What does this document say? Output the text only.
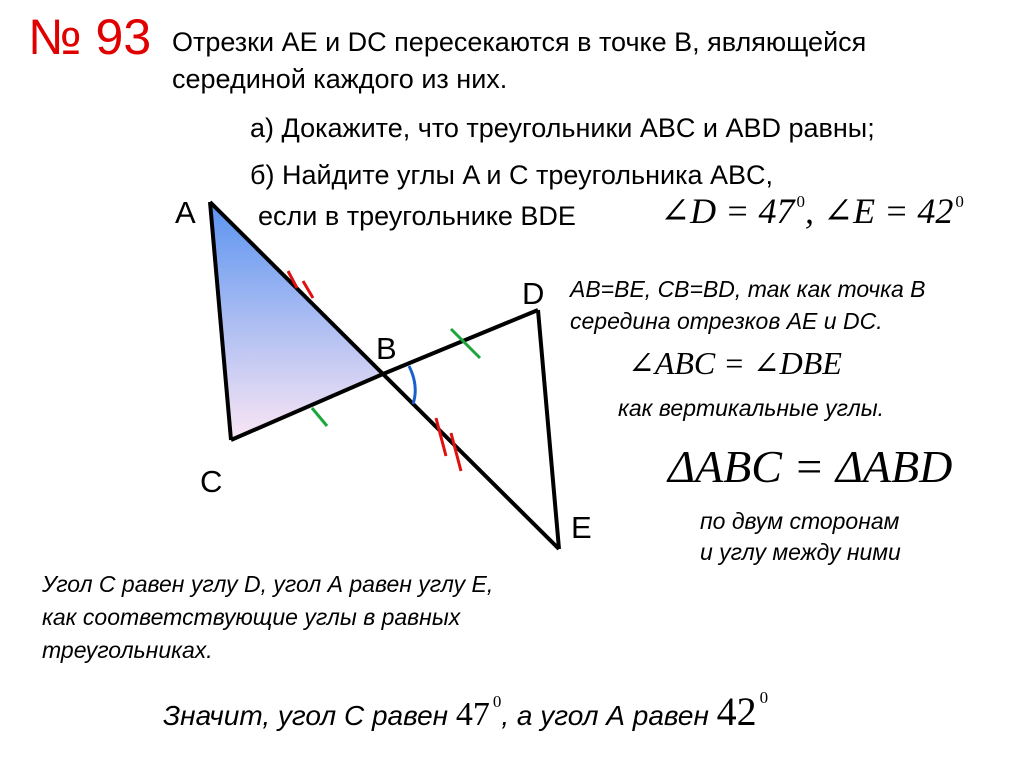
№ 93 Отрезки AE и DC пересекаются в точке B, являющейся
серединой каждого из них.
а) Докажите, что треугольники ABC и ABD равны;
б) Найдите углы A и C треугольника ABC,
если в треугольнике BDE ∠D = 47 $^0$, ∠E = 42 $^0$
A
B
C
D
E
AB=BE, CB=BD, так как точка B
середина отрезков AE и DC.
∠ABC = ∠DBE
как вертикальные углы.
ΔABC = ΔABD
по двум сторонам
и углу между ними
Угол С равен углу D, угол А равен углу Е,
как соответствующие углы в равных
треугольниках.
Значит, угол С равен 47 $^0$, а угол А равен 42 $^0$
